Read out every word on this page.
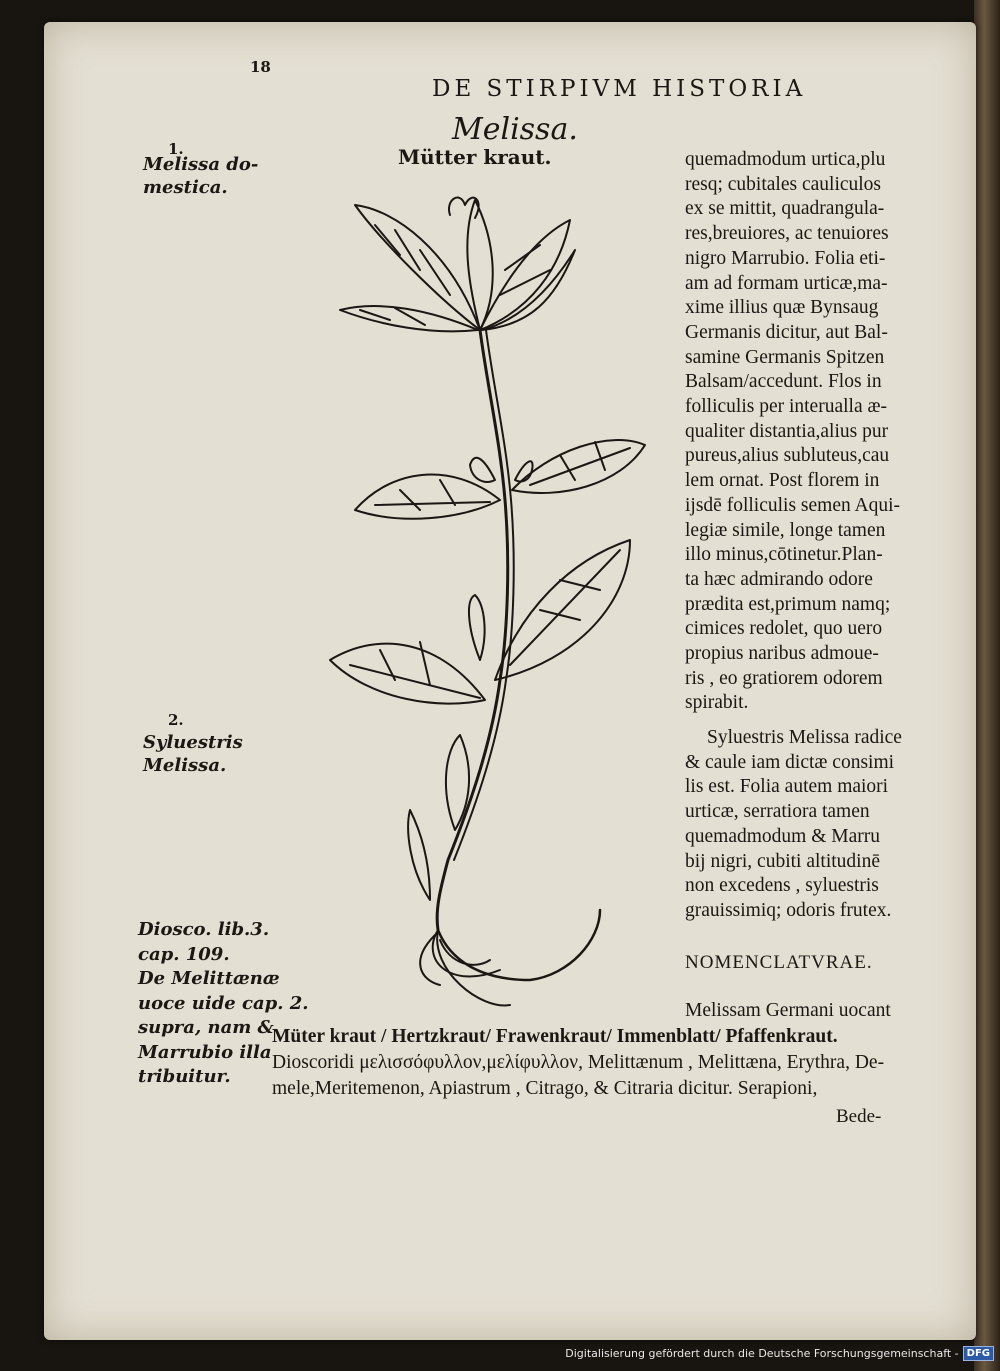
18
DE STIRPIVM HISTORIA
Melissa.
Mütter kraut.
1.
Melissa do-
mestica.
2.
Syluestris
Melissa.
Diosco. lib.3.
cap. 109.
De Melittænæ
uoce uide cap. 2.
supra, nam &
Marrubio illa
tribuitur.
quemadmodum urtica,plu
resq; cubitales cauliculos
ex se mittit, quadrangula-
res,breuiores, ac tenuiores
nigro Marrubio. Folia eti-
am ad formam urticæ,ma-
xime illius quæ Bynsaug
Germanis dicitur, aut Bal-
samine Germanis Spitzen
Balsam/accedunt. Flos in
folliculis per interualla æ-
qualiter distantia,alius pur
pureus,alius subluteus,cau
lem ornat. Post florem in
ijsdē folliculis semen Aqui-
legiæ simile, longe tamen
illo minus,cōtinetur.Plan-
ta hæc admirando odore
prædita est,primum namq;
cimices redolet, quo uero
propius naribus admoue-
ris , eo gratiorem odorem
spirabit.
Syluestris Melissa radice
& caule iam dictæ consimi
lis est. Folia autem maiori
urticæ, serratiora tamen
quemadmodum & Marru
bij nigri, cubiti altitudinē
non excedens , syluestris
grauissimiq; odoris frutex.
NOMENCLATVRAE.
Melissam Germani uocant
Müter kraut / Hertzkraut/ Frawenkraut/ Immenblatt/ Pfaffenkraut.
Dioscoridi μελισσόφυλλον,μελίφυλλον, Melittænum , Melittæna, Erythra, De-
mele,Meritemenon, Apiastrum , Citrago, & Citraria dicitur. Serapioni,
Bede-
Digitalisierung gefördert durch die Deutsche Forschungsgemeinschaft - DFG
